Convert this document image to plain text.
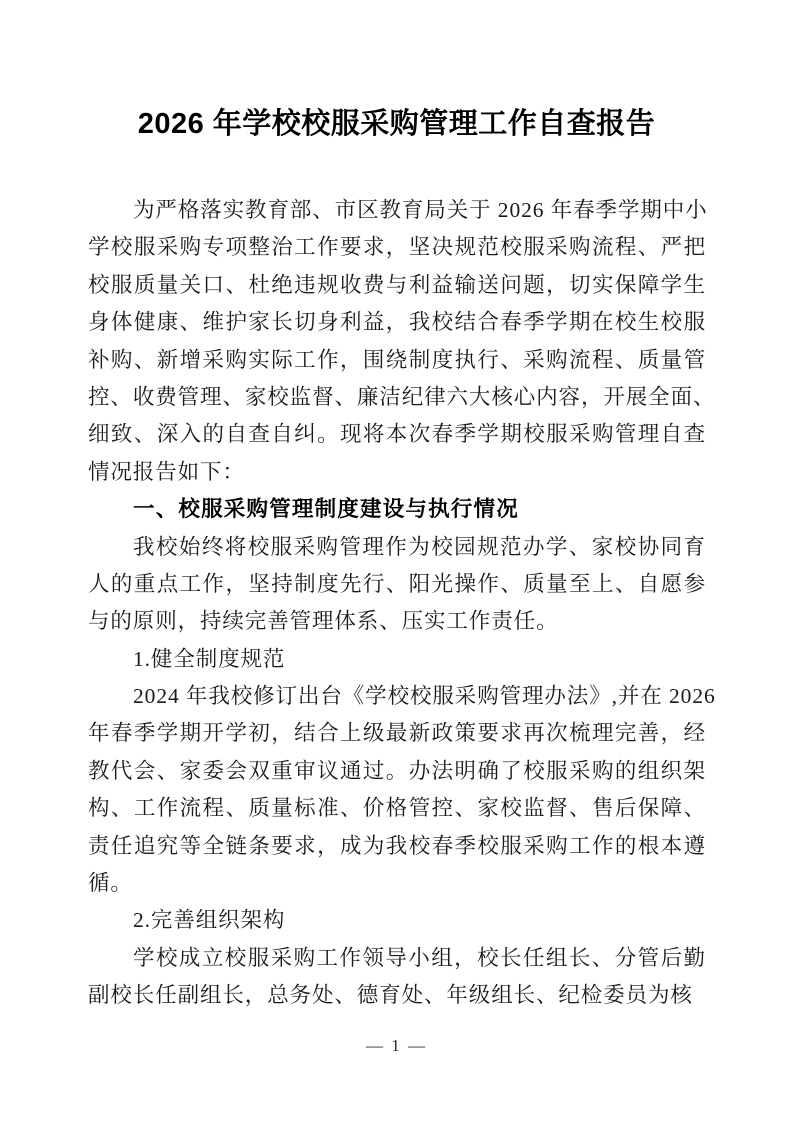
2026 年学校校服采购管理工作自查报告
为 严 格 落 实 教 育 部 、 市 区 教 育 局 关 于
2 0 2 6
年 春 季 学 期 中 小
学 校 服 采 购 专 项 整 治 工 作 要 求 ， 坚 决 规 范 校 服 采 购 流 程 、 严 把
校 服 质 量 关 口 、 杜 绝 违 规 收 费 与 利 益 输 送 问 题 ， 切 实 保 障 学 生
身 体 健 康 、 维 护 家 长 切 身 利 益 ， 我 校 结 合 春 季 学 期 在 校 生 校 服
补 购 、 新 增 采 购 实 际 工 作 ， 围 绕 制 度 执 行 、 采 购 流 程 、 质 量 管
控 、 收 费 管 理 、 家 校 监 督 、 廉 洁 纪 律 六 大 核 心 内 容 ， 开 展 全 面 、
细 致 、 深 入 的 自 查 自 纠 。 现 将 本 次 春 季 学 期 校 服 采 购 管 理 自 查
情况报告如下：
一、校服采购管理制度建设与执行情况
我 校 始 终 将 校 服 采 购 管 理 作 为 校 园 规 范 办 学 、 家 校 协 同 育
人 的 重 点 工 作 ， 坚 持 制 度 先 行 、 阳 光 操 作 、 质 量 至 上 、 自 愿 参
与的原则，持续完善管理体系、压实工作责任。
1.健全制度规范
2 0 2 4
年 我 校 修 订 出 台 《 学 校 校 服 采 购 管 理 办 法 》 , 并 在
2 0 2 6
年 春 季 学 期 开 学 初 ， 结 合 上 级 最 新 政 策 要 求 再 次 梳 理 完 善 ， 经
教 代 会 、 家 委 会 双 重 审 议 通 过 。 办 法 明 确 了 校 服 采 购 的 组 织 架
构 、 工 作 流 程 、 质 量 标 准 、 价 格 管 控 、 家 校 监 督 、 售 后 保 障 、
责 任 追 究 等 全 链 条 要 求 ， 成 为 我 校 春 季 校 服 采 购 工 作 的 根 本 遵
循。
2.完善组织架构
学 校 成 立 校 服 采 购 工 作 领 导 小 组 ， 校 长 任 组 长 、 分 管 后 勤
副校长任副组长，总务处、德育处、年级组长、纪检委员为核
— 1 —
